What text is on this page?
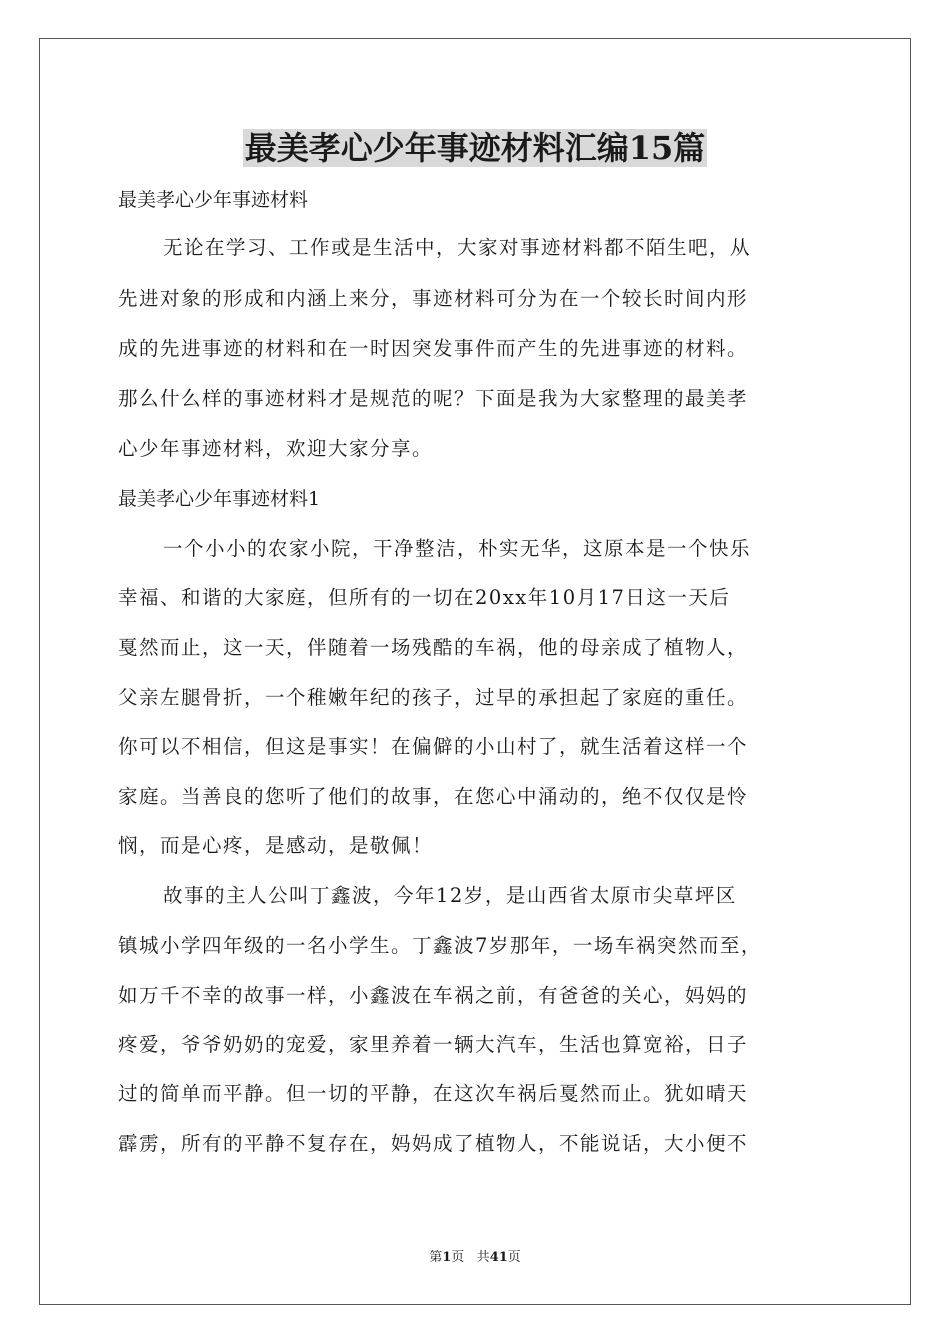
最美孝心少年事迹材料汇编15篇

最美孝心少年事迹材料

无论在学习、工作或是生活中，大家对事迹材料都不陌生吧，从

先进对象的形成和内涵上来分，事迹材料可分为在一个较长时间内形

成的先进事迹的材料和在一时因突发事件而产生的先进事迹的材料。

那么什么样的事迹材料才是规范的呢？下面是我为大家整理的最美孝

心少年事迹材料，欢迎大家分享。

最美孝心少年事迹材料1

一个小小的农家小院，干净整洁，朴实无华，这原本是一个快乐

幸福、和谐的大家庭，但所有的一切在20xx年10月17日这一天后

戛然而止，这一天，伴随着一场残酷的车祸，他的母亲成了植物人，

父亲左腿骨折，一个稚嫩年纪的孩子，过早的承担起了家庭的重任。

你可以不相信，但这是事实！在偏僻的小山村了，就生活着这样一个

家庭。当善良的您听了他们的故事，在您心中涌动的，绝不仅仅是怜

悯，而是心疼，是感动，是敬佩！

故事的主人公叫丁鑫波，今年12岁，是山西省太原市尖草坪区

镇城小学四年级的一名小学生。丁鑫波7岁那年，一场车祸突然而至，

如万千不幸的故事一样，小鑫波在车祸之前，有爸爸的关心，妈妈的

疼爱，爷爷奶奶的宠爱，家里养着一辆大汽车，生活也算宽裕，日子

过的简单而平静。但一切的平静，在这次车祸后戛然而止。犹如晴天

霹雳，所有的平静不复存在，妈妈成了植物人，不能说话，大小便不

第1页 共41页
